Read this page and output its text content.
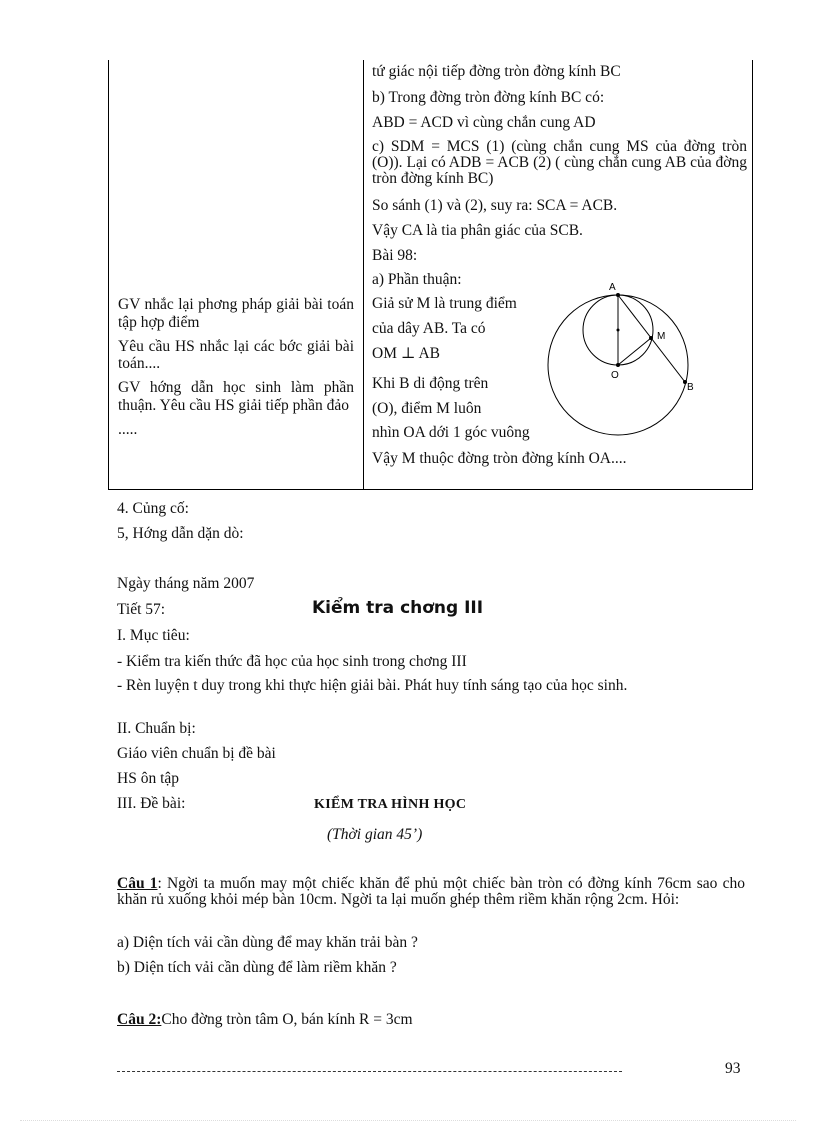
GV nhắc lại phơng pháp giải bài toán tập hợp điểm

Yêu cầu HS nhắc lại các bớc giải bài toán....

GV hớng dẫn học sinh làm phần thuận. Yêu cầu HS giải tiếp phần đảo

.....

tứ giác nội tiếp đờng tròn đờng kính BC
b) Trong đờng tròn đờng kính BC có:
ABD = ACD vì cùng chắn cung AD
c) SDM = MCS (1) (cùng chắn cung MS của đờng tròn (O)). Lại có ADB = ACB (2) ( cùng chắn cung AB của đờng tròn đờng kính BC)
So sánh (1) và (2), suy ra: SCA = ACB.
Vậy CA là tia phân giác của SCB.
Bài 98:
a) Phần thuận:
Giả sử M là trung điểm
của dây AB. Ta có
OM ⊥ AB
Khi B di động trên
(O), điểm M luôn
nhìn OA dới 1 góc vuông
Vậy M thuộc đờng tròn đờng kính OA....
A
M
O
B
4. Củng cố:
5, Hớng dẫn dặn dò:
Ngày tháng năm 2007
Tiết 57:	Kiểm tra chơng III
I. Mục tiêu:
- Kiểm tra kiến thức đã học của học sinh trong chơng III
- Rèn luyện t duy trong khi thực hiện giải bài. Phát huy tính sáng tạo của học sinh.
II. Chuẩn bị:
Giáo viên chuẩn bị đề bài
HS ôn tập
III. Đề bài:	KIỂM TRA HÌNH HỌC
(Thời gian 45’)
Câu 1: Ngời ta muốn may một chiếc khăn để phủ một chiếc bàn tròn có đờng kính 76cm sao cho khăn rủ xuống khỏi mép bàn 10cm. Ngời ta lại muốn ghép thêm riềm khăn rộng 2cm. Hỏi:
a) Diện tích vải cần dùng để may khăn trải bàn ?
b) Diện tích vải cần dùng để làm riềm khăn ?
Câu 2:Cho đờng tròn tâm O, bán kính R = 3cm
93
